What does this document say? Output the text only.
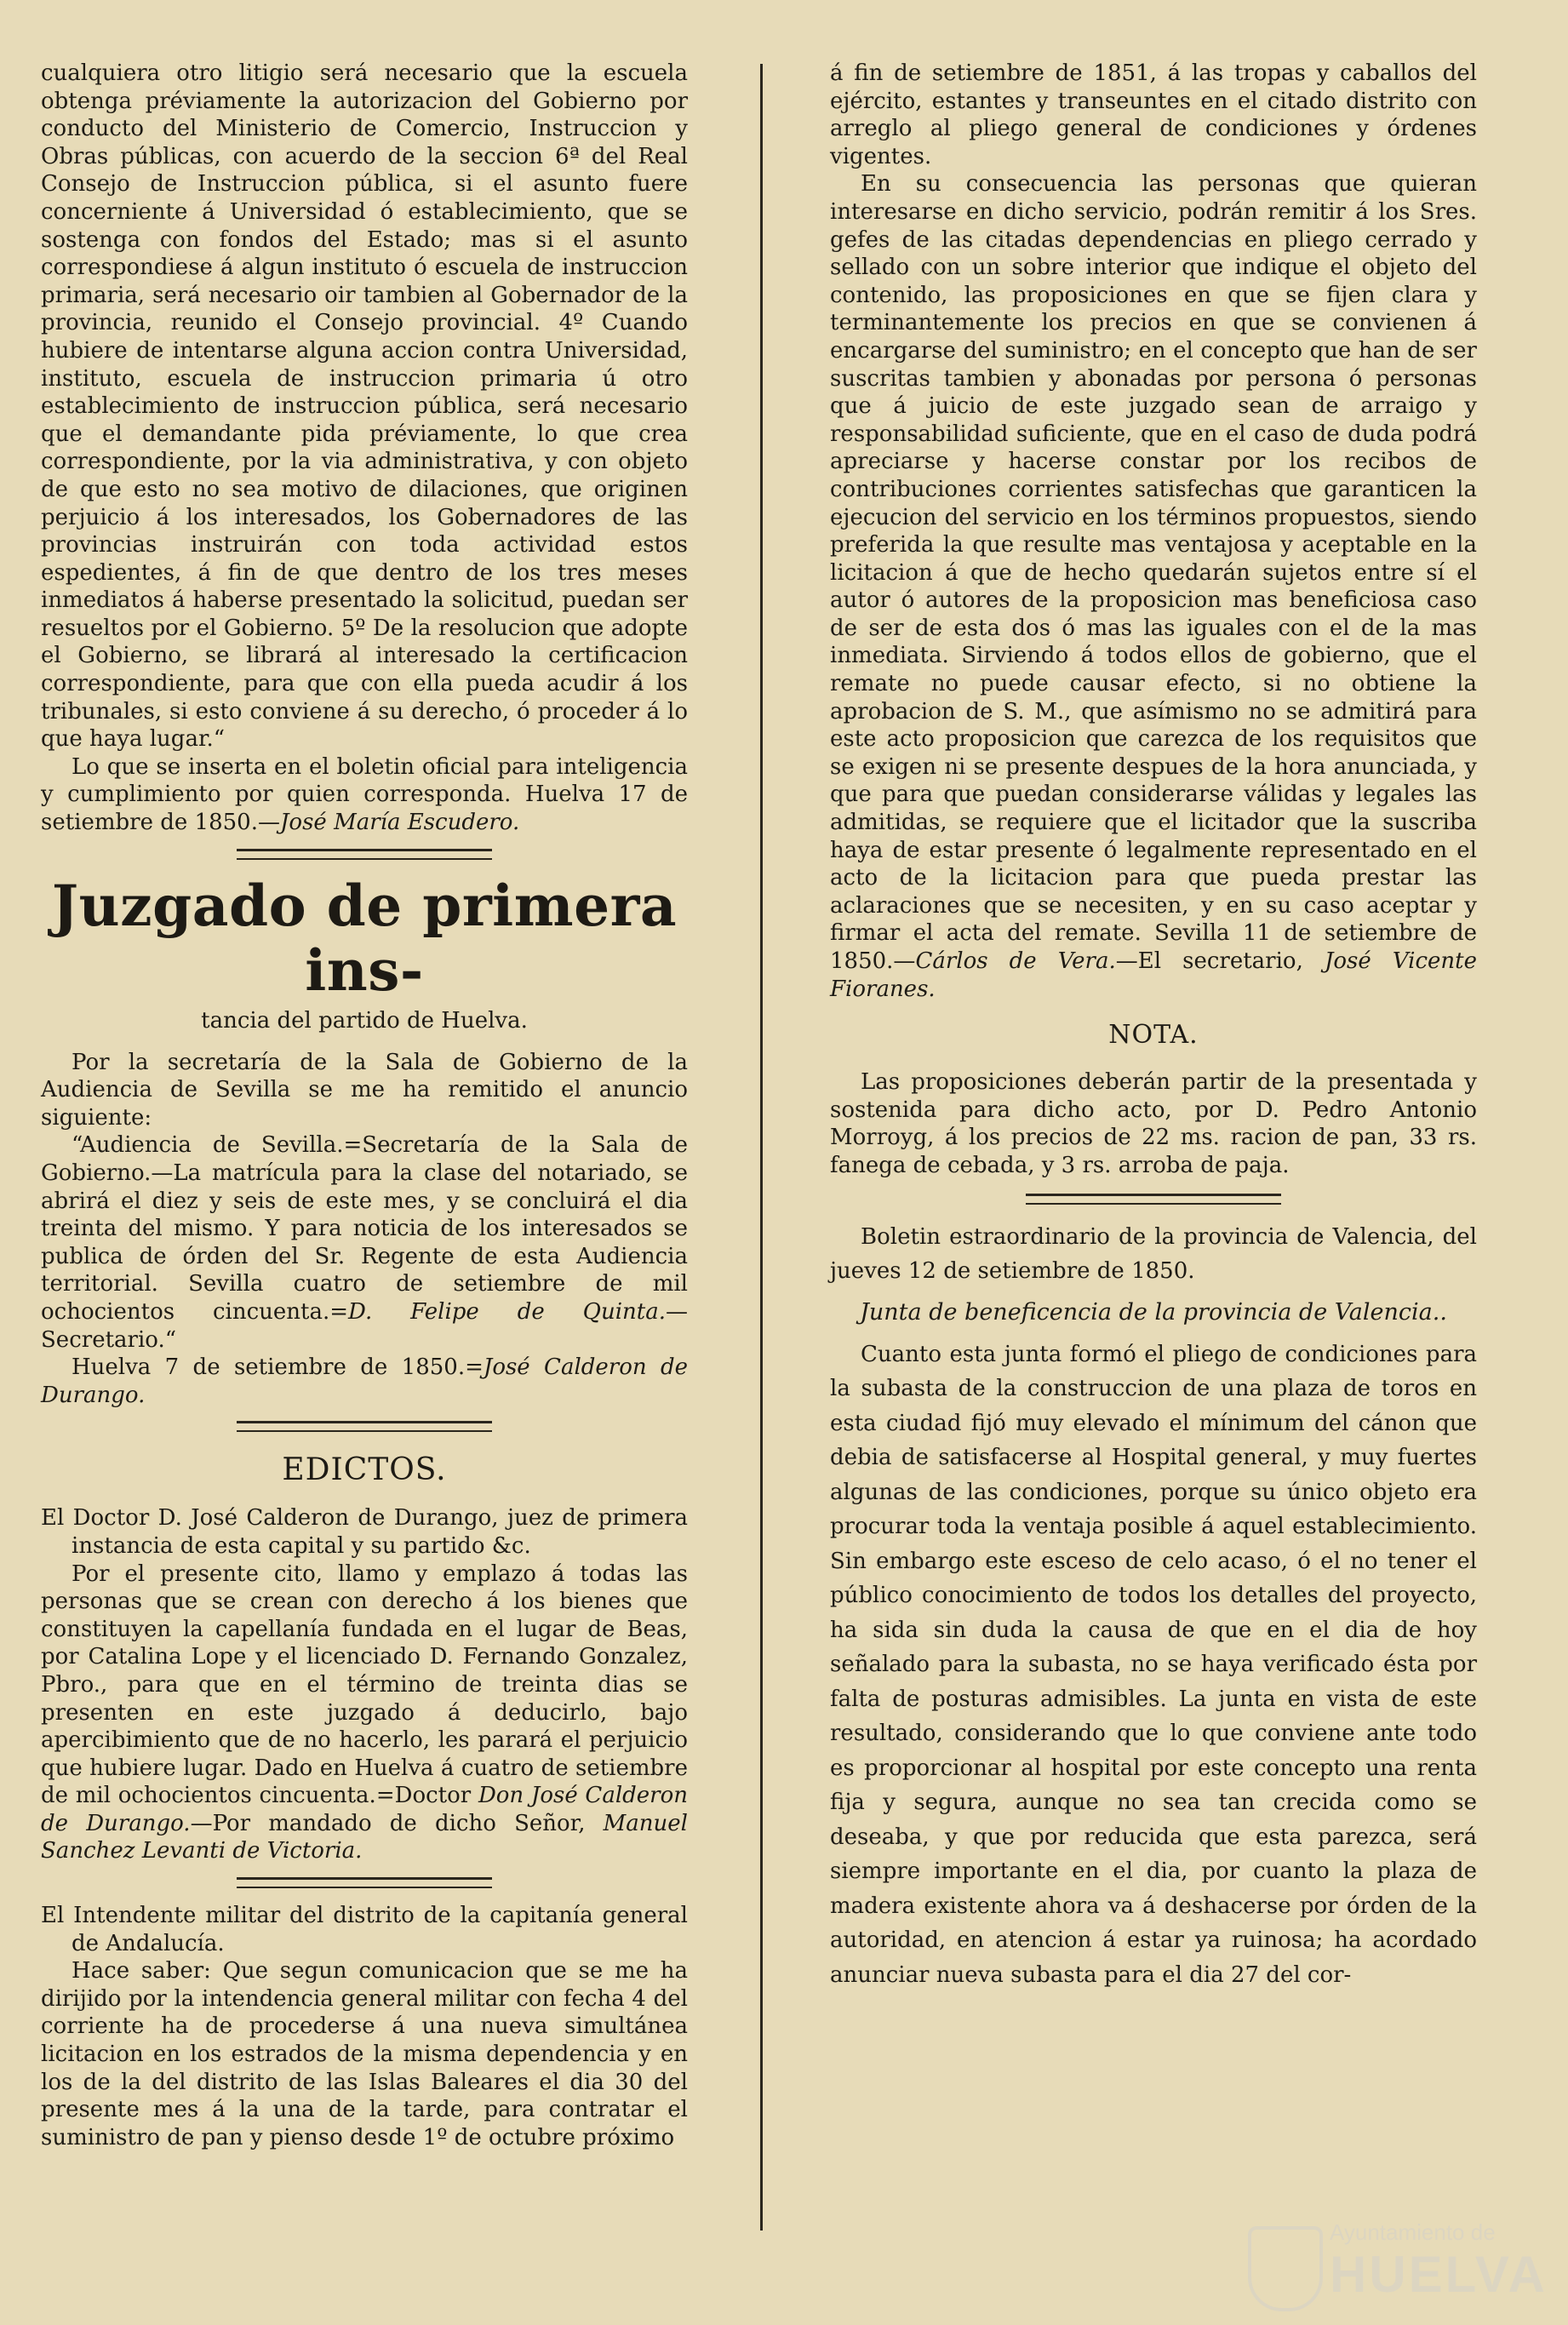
cualquiera otro litigio será necesario que la escuela obtenga préviamente la autorizacion del Gobierno por conducto del Ministerio de Comercio, Instruccion y Obras públicas, con acuerdo de la seccion 6ª del Real Consejo de Instruccion pública, si el asunto fuere concerniente á Universidad ó establecimiento, que se sostenga con fondos del Estado; mas si el asunto correspondiese á algun instituto ó escuela de instruccion primaria, será necesario oir tambien al Gobernador de la provincia, reunido el Consejo provincial. 4º Cuando hubiere de intentarse alguna accion contra Universidad, instituto, escuela de instruccion primaria ú otro establecimiento de instruccion pública, será necesario que el demandante pida préviamente, lo que crea correspondiente, por la via administrativa, y con objeto de que esto no sea motivo de dilaciones, que originen perjuicio á los interesados, los Gobernadores de las provincias instruirán con toda actividad estos espedientes, á fin de que dentro de los tres meses inmediatos á haberse presentado la solicitud, puedan ser resueltos por el Gobierno. 5º De la resolucion que adopte el Gobierno, se librará al interesado la certificacion correspondiente, para que con ella pueda acudir á los tribunales, si esto conviene á su derecho, ó proceder á lo que haya lugar.“

Lo que se inserta en el boletin oficial para inteligencia y cumplimiento por quien corresponda. Huelva 17 de setiembre de 1850.—José María Escudero.

Juzgado de primera ins-
tancia del partido de Huelva.

Por la secretaría de la Sala de Gobierno de la Audiencia de Sevilla se me ha remitido el anuncio siguiente:

“Audiencia de Sevilla.=Secretaría de la Sala de Gobierno.—La matrícula para la clase del notariado, se abrirá el diez y seis de este mes, y se concluirá el dia treinta del mismo. Y para noticia de los interesados se publica de órden del Sr. Regente de esta Audiencia territorial. Sevilla cuatro de setiembre de mil ochocientos cincuenta.=D. Felipe de Quinta.—Secretario.“

Huelva 7 de setiembre de 1850.=José Calderon de Durango.

EDICTOS.

El Doctor D. José Calderon de Durango, juez de primera instancia de esta capital y su partido &c.

Por el presente cito, llamo y emplazo á todas las personas que se crean con derecho á los bienes que constituyen la capellanía fundada en el lugar de Beas, por Catalina Lope y el licenciado D. Fernando Gonzalez, Pbro., para que en el término de treinta dias se presenten en este juzgado á deducirlo, bajo apercibimiento que de no hacerlo, les parará el perjuicio que hubiere lugar. Dado en Huelva á cuatro de setiembre de mil ochocientos cincuenta.=Doctor Don José Calderon de Durango.—Por mandado de dicho Señor, Manuel Sanchez Levanti de Victoria.

El Intendente militar del distrito de la capitanía general de Andalucía.

Hace saber: Que segun comunicacion que se me ha dirijido por la intendencia general militar con fecha 4 del corriente ha de procederse á una nueva simultánea licitacion en los estrados de la misma dependencia y en los de la del distrito de las Islas Baleares el dia 30 del presente mes á la una de la tarde, para contratar el suministro de pan y pienso desde 1º de octubre próximo

á fin de setiembre de 1851, á las tropas y caballos del ejército, estantes y transeuntes en el citado distrito con arreglo al pliego general de condiciones y órdenes vigentes.

En su consecuencia las personas que quieran interesarse en dicho servicio, podrán remitir á los Sres. gefes de las citadas dependencias en pliego cerrado y sellado con un sobre interior que indique el objeto del contenido, las proposiciones en que se fijen clara y terminantemente los precios en que se convienen á encargarse del suministro; en el concepto que han de ser suscritas tambien y abonadas por persona ó personas que á juicio de este juzgado sean de arraigo y responsabilidad suficiente, que en el caso de duda podrá apreciarse y hacerse constar por los recibos de contribuciones corrientes satisfechas que garanticen la ejecucion del servicio en los términos propuestos, siendo preferida la que resulte mas ventajosa y aceptable en la licitacion á que de hecho quedarán sujetos entre sí el autor ó autores de la proposicion mas beneficiosa caso de ser de esta dos ó mas las iguales con el de la mas inmediata. Sirviendo á todos ellos de gobierno, que el remate no puede causar efecto, si no obtiene la aprobacion de S. M., que asímismo no se admitirá para este acto proposicion que carezca de los requisitos que se exigen ni se presente despues de la hora anunciada, y que para que puedan considerarse válidas y legales las admitidas, se requiere que el licitador que la suscriba haya de estar presente ó legalmente representado en el acto de la licitacion para que pueda prestar las aclaraciones que se necesiten, y en su caso aceptar y firmar el acta del remate. Sevilla 11 de setiembre de 1850.—Cárlos de Vera.—El secretario, José Vicente Fioranes.

NOTA.

Las proposiciones deberán partir de la presentada y sostenida para dicho acto, por D. Pedro Antonio Morroyg, á los precios de 22 ms. racion de pan, 33 rs. fanega de cebada, y 3 rs. arroba de paja.

Boletin estraordinario de la provincia de Valencia, del jueves 12 de setiembre de 1850.

Junta de beneficencia de la provincia de Valencia..

Cuanto esta junta formó el pliego de condiciones para la subasta de la construccion de una plaza de toros en esta ciudad fijó muy elevado el mínimum del cánon que debia de satisfacerse al Hospital general, y muy fuertes algunas de las condiciones, porque su único objeto era procurar toda la ventaja posible á aquel establecimiento. Sin embargo este esceso de celo acaso, ó el no tener el público conocimiento de todos los detalles del proyecto, ha sida sin duda la causa de que en el dia de hoy señalado para la subasta, no se haya verificado ésta por falta de posturas admisibles. La junta en vista de este resultado, considerando que lo que conviene ante todo es proporcionar al hospital por este concepto una renta fija y segura, aunque no sea tan crecida como se deseaba, y que por reducida que esta parezca, será siempre importante en el dia, por cuanto la plaza de madera existente ahora va á deshacerse por órden de la autoridad, en atencion á estar ya ruinosa; ha acordado anunciar nueva subasta para el dia 27 del cor-

Ayuntamiento de
HUELVA
